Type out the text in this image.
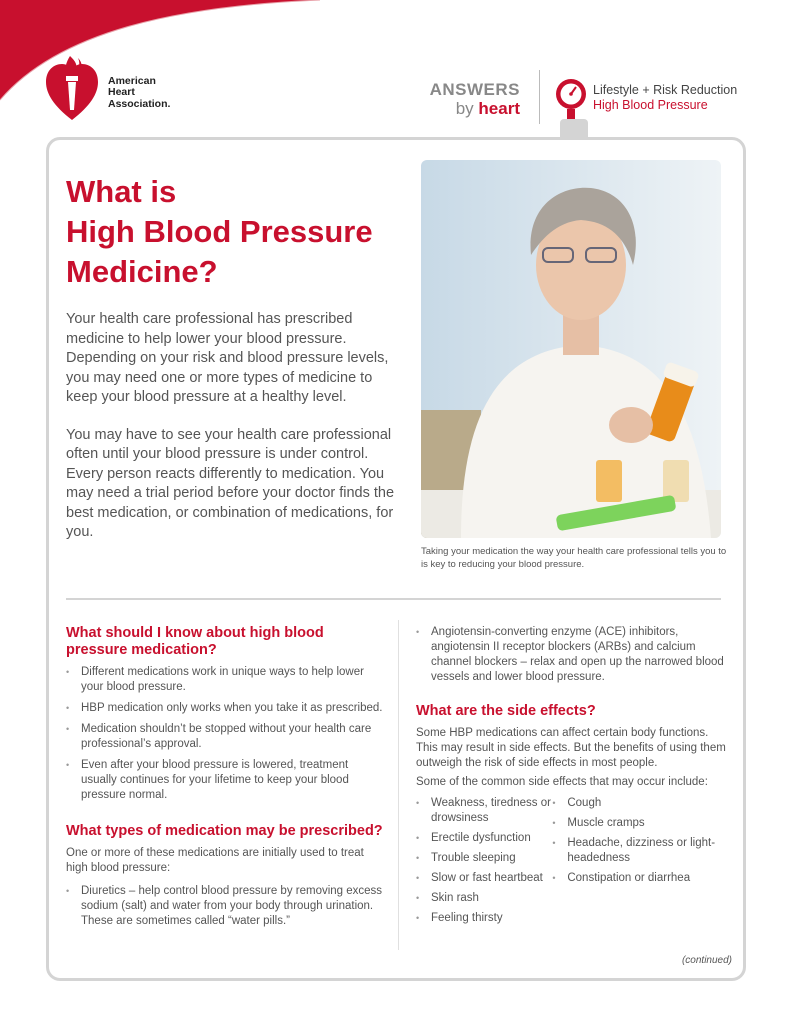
American
Heart
Association.
ANSWERS
by heart
Lifestyle + Risk Reduction
High Blood Pressure
What is
High Blood Pressure
Medicine?

Your health care professional has prescribed medicine to help lower your blood pressure. Depending on your risk and blood pressure levels, you may need one or more types of medicine to keep your blood pressure at a healthy level.

You may have to see your health care professional often until your blood pressure is under control. Every person reacts differently to medication. You may need a trial period before your doctor finds the best medication, or combination of medications, for you.

Taking your medication the way your health care professional tells you to is key to reducing your blood pressure.
What should I know about high blood pressure medication?
• Different medications work in unique ways to help lower your blood pressure.
• HBP medication only works when you take it as prescribed.
• Medication shouldn’t be stopped without your health care professional’s approval.
• Even after your blood pressure is lowered, treatment usually continues for your lifetime to keep your blood pressure normal.
What types of medication may be prescribed?

One or more of these medications are initially used to treat high blood pressure:

• Diuretics – help control blood pressure by removing excess sodium (salt) and water from your body through urination. These are sometimes called “water pills.”
• Angiotensin-converting enzyme (ACE) inhibitors, angiotensin II receptor blockers (ARBs) and calcium channel blockers – relax and open up the narrowed blood vessels and lower blood pressure.
What are the side effects?

Some HBP medications can affect certain body functions. This may result in side effects. But the benefits of using them outweigh the risk of side effects in most people.

Some of the common side effects that may occur include:

• Weakness, tiredness or drowsiness
• Erectile dysfunction
• Trouble sleeping
• Slow or fast heartbeat
• Skin rash
• Feeling thirsty
• Cough
• Muscle cramps
• Headache, dizziness or light-headedness
• Constipation or diarrhea
(continued)
